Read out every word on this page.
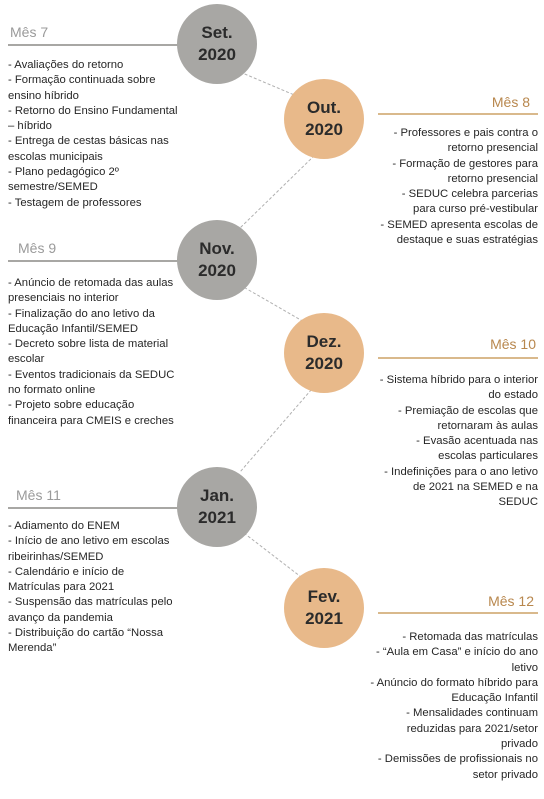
Mês 7
Mês 8
Mês 9
Mês 10
Mês 11
Mês 12
Set.
2020
Out.
2020
Nov.
2020
Dez.
2020
Jan.
2021
Fev.
2021
- Avaliações do retorno
- Formação continuada sobre ensino híbrido
- Retorno do Ensino Fundamental – híbrido
- Entrega de cestas básicas nas escolas municipais
- Plano pedagógico 2º semestre/SEMED
- Testagem de professores
- Professores e pais contra o retorno presencial
- Formação de gestores para retorno presencial
- SEDUC celebra parcerias para curso pré-vestibular
- SEMED apresenta escolas de destaque e suas estratégias
- Anúncio de retomada das aulas presenciais no interior
- Finalização do ano letivo da Educação Infantil/SEMED
- Decreto sobre lista de material escolar
- Eventos tradicionais da SEDUC no formato online
- Projeto sobre educação financeira para CMEIS e creches
- Sistema híbrido para o interior do estado
- Premiação de escolas que retornaram às aulas
- Evasão acentuada nas escolas particulares
- Indefinições para o ano letivo de 2021 na SEMED e na SEDUC
- Adiamento do ENEM
- Início de ano letivo em escolas ribeirinhas/SEMED
- Calendário e início de Matrículas para 2021
- Suspensão das matrículas pelo avanço da pandemia
- Distribuição do cartão “Nossa Merenda”
- Retomada das matrículas
- “Aula em Casa” e início do ano letivo
- Anúncio do formato híbrido para Educação Infantil
- Mensalidades continuam reduzidas para 2021/setor privado
- Demissões de profissionais no setor privado
